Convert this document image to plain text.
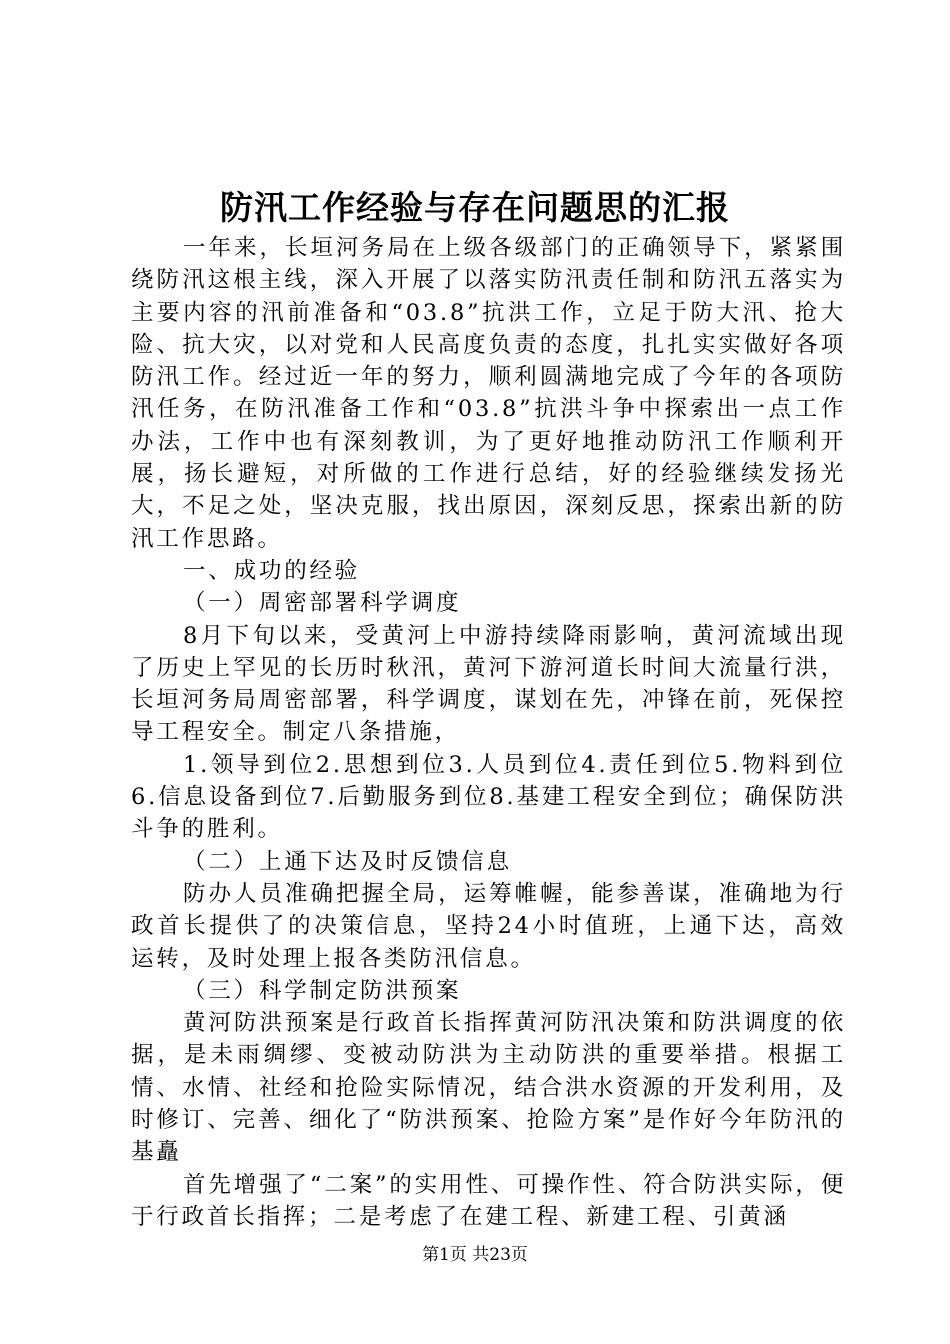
防汛工作经验与存在问题思的汇报

一年来，长垣河务局在上级各级部门的正确领导下，紧紧围绕防汛这根主线，深入开展了以落实防汛责任制和防汛五落实为主要内容的汛前准备和“03.8”抗洪工作，立足于防大汛、抢大险、抗大灾，以对党和人民高度负责的态度，扎扎实实做好各项防汛工作。经过近一年的努力，顺利圆满地完成了今年的各项防汛任务，在防汛准备工作和“03.8”抗洪斗争中探索出一点工作办法，工作中也有深刻教训，为了更好地推动防汛工作顺利开展，扬长避短，对所做的工作进行总结，好的经验继续发扬光大，不足之处，坚决克服，找出原因，深刻反思，探索出新的防汛工作思路。

一、成功的经验

（一）周密部署科学调度

8月下旬以来，受黄河上中游持续降雨影响，黄河流域出现了历史上罕见的长历时秋汛，黄河下游河道长时间大流量行洪，长垣河务局周密部署，科学调度，谋划在先，冲锋在前，死保控导工程安全。制定八条措施，

1.领导到位2.思想到位3.人员到位4.责任到位5.物料到位6.信息设备到位7.后勤服务到位8.基建工程安全到位；确保防洪斗争的胜利。

（二）上通下达及时反馈信息

防办人员准确把握全局，运筹帷幄，能参善谋，准确地为行政首长提供了的决策信息，坚持24小时值班，上通下达，高效运转，及时处理上报各类防汛信息。

（三）科学制定防洪预案

黄河防洪预案是行政首长指挥黄河防汛决策和防洪调度的依据，是未雨绸缪、变被动防洪为主动防洪的重要举措。根据工情、水情、社经和抢险实际情况，结合洪水资源的开发利用，及时修订、完善、细化了“防洪预案、抢险方案”是作好今年防汛的基矗

首先增强了“二案”的实用性、可操作性、符合防洪实际，便于行政首长指挥；二是考虑了在建工程、新建工程、引黄涵

第1页 共23页
